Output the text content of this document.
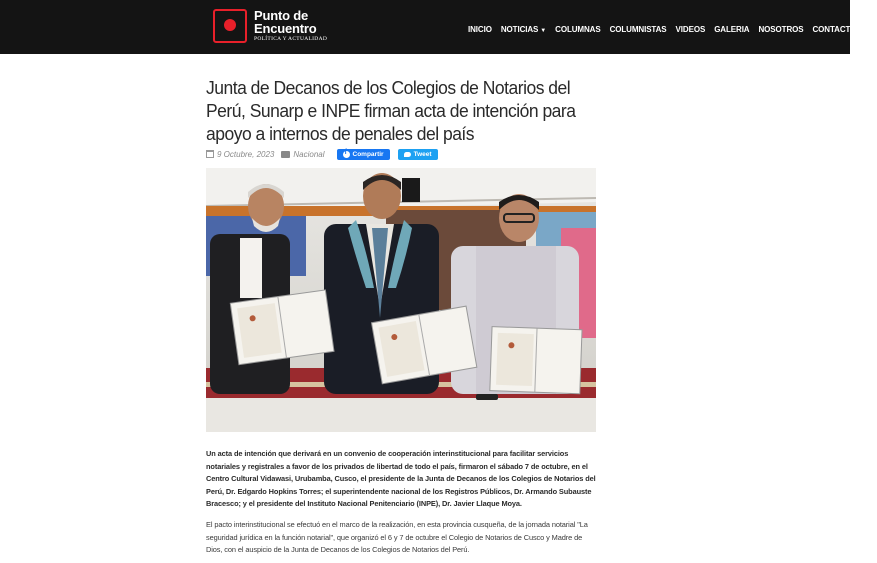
Punto de
Encuentro
POLÍTICA Y ACTUALIDAD
INICIO NOTICIAS ▼ COLUMNAS COLUMNISTAS VIDEOS GALERIA NOSOTROS CONTACTO
Junta de Decanos de los Colegios de Notarios del Perú, Sunarp e INPE firman acta de intención para apoyo a internos de penales del país
9 Octubre, 2023 Nacional
f	Compartir	Tweet

Un acta de intención que derivará en un convenio de cooperación interinstitucional para facilitar servicios notariales y registrales a favor de los privados de libertad de todo el país, firmaron el sábado 7 de octubre, en el Centro Cultural Vidawasi, Urubamba, Cusco, el presidente de la Junta de Decanos de los Colegios de Notarios del Perú, Dr. Edgardo Hopkins Torres; el superintendente nacional de los Registros Públicos, Dr. Armando Subauste Bracesco; y el presidente del Instituto Nacional Penitenciario (INPE), Dr. Javier Llaque Moya.

El pacto interinstitucional se efectuó en el marco de la realización, en esta provincia cusqueña, de la jornada notarial "La seguridad jurídica en la función notarial", que organizó el 6 y 7 de octubre el Colegio de Notarios de Cusco y Madre de Dios, con el auspicio de la Junta de Decanos de los Colegios de Notarios del Perú.
